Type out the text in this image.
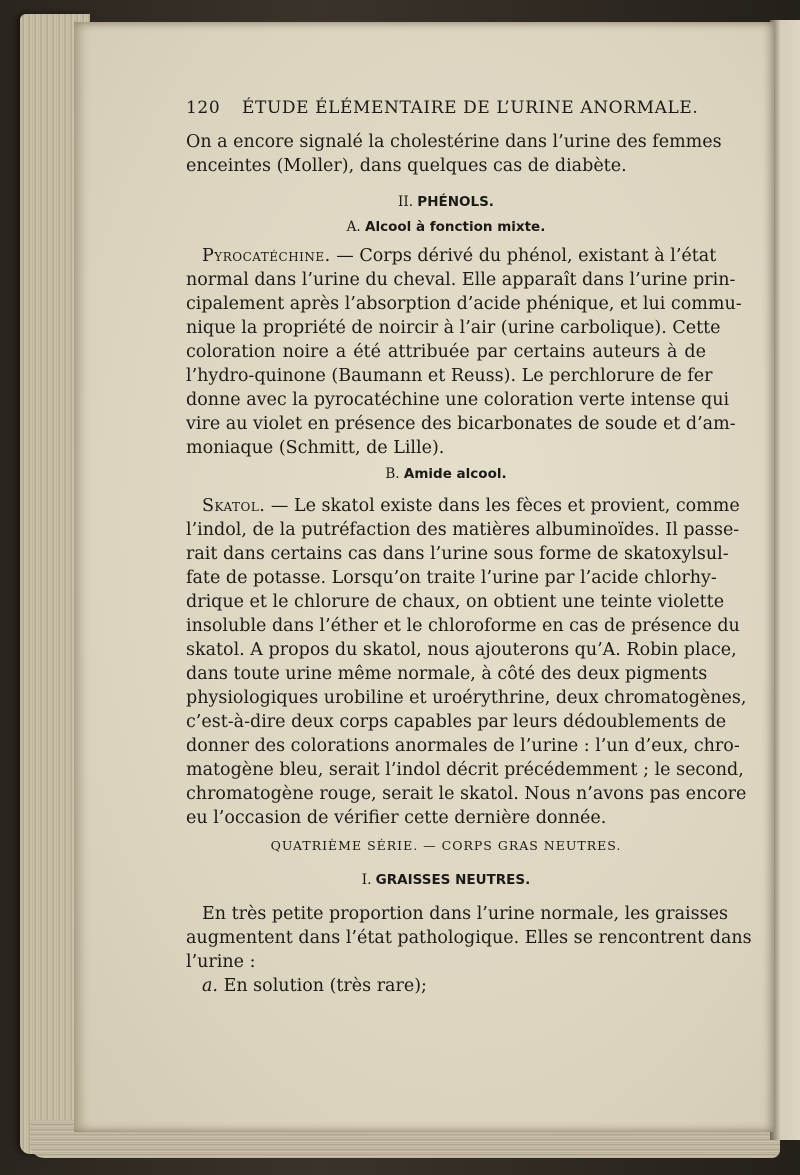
120 ÉTUDE ÉLÉMENTAIRE DE L’URINE ANORMALE.
On a encore signalé la cholestérine dans l’urine des femmes
enceintes (Moller), dans quelques cas de diabète.
II. PHÉNOLS.
A. Alcool à fonction mixte.
Pyrocatéchine. — Corps dérivé du phénol, existant à l’état
normal dans l’urine du cheval. Elle apparaît dans l’urine prin-
cipalement après l’absorption d’acide phénique, et lui commu-
nique la propriété de noircir à l’air (urine carbolique). Cette
coloration noire a été attribuée par certains auteurs à de
l’hydro-quinone (Baumann et Reuss). Le perchlorure de fer
donne avec la pyrocatéchine une coloration verte intense qui
vire au violet en présence des bicarbonates de soude et d’am-
moniaque (Schmitt, de Lille).
B. Amide alcool.
Skatol. — Le skatol existe dans les fèces et provient, comme
l’indol, de la putréfaction des matières albuminoïdes. Il passe-
rait dans certains cas dans l’urine sous forme de skatoxylsul-
fate de potasse. Lorsqu’on traite l’urine par l’acide chlorhy-
drique et le chlorure de chaux, on obtient une teinte violette
insoluble dans l’éther et le chloroforme en cas de présence du
skatol. A propos du skatol, nous ajouterons qu’A. Robin place,
dans toute urine même normale, à côté des deux pigments
physiologiques urobiline et uroérythrine, deux chromatogènes,
c’est-à-dire deux corps capables par leurs dédoublements de
donner des colorations anormales de l’urine : l’un d’eux, chro-
matogène bleu, serait l’indol décrit précédemment ; le second,
chromatogène rouge, serait le skatol. Nous n’avons pas encore
eu l’occasion de vérifier cette dernière donnée.
QUATRIÈME SÉRIE. — CORPS GRAS NEUTRES.
I. GRAISSES NEUTRES.
En très petite proportion dans l’urine normale, les graisses
augmentent dans l’état pathologique. Elles se rencontrent dans
l’urine :
a. En solution (très rare);
